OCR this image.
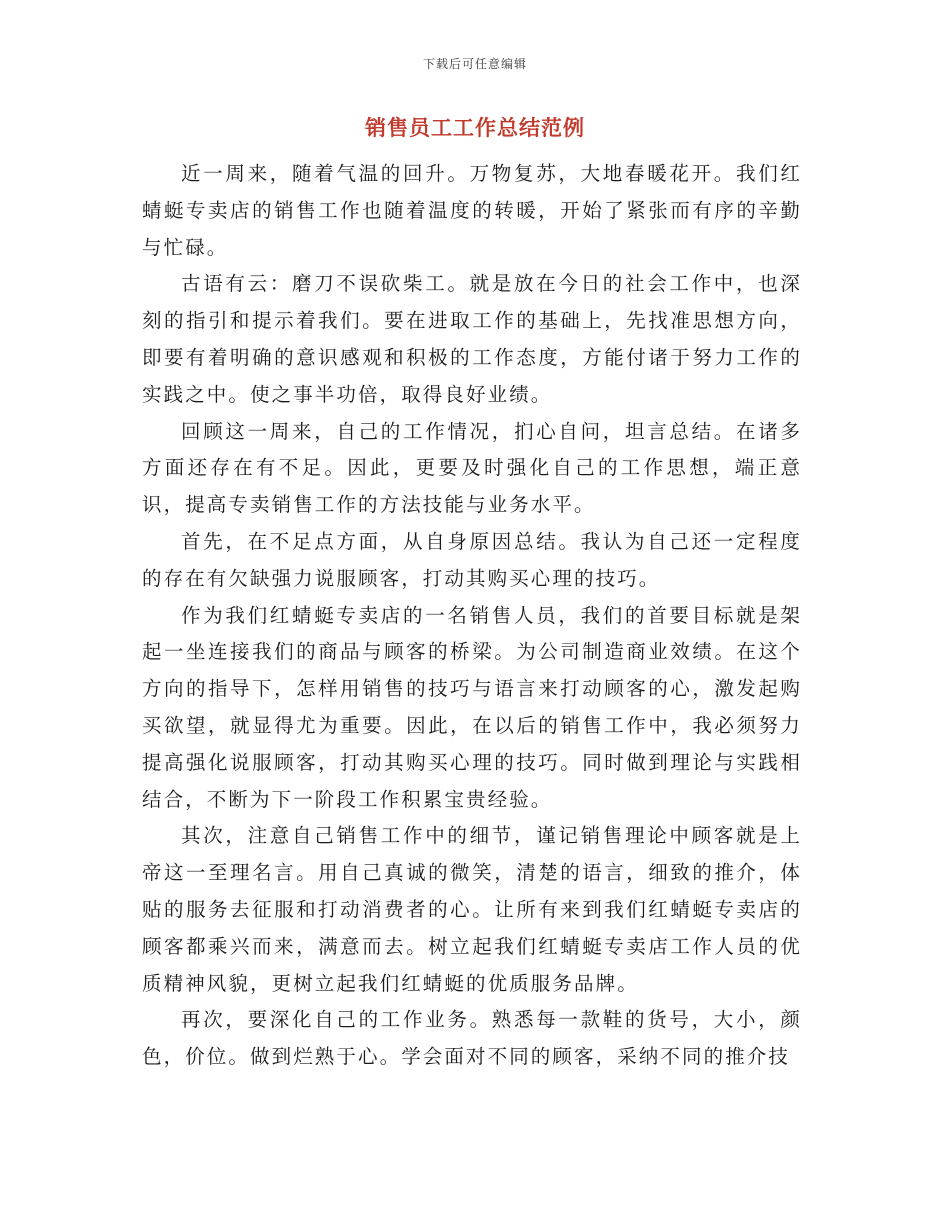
下载后可任意编辑
销售员工工作总结范例

近一周来，随着气温的回升。万物复苏，大地春暖花开。我们红蜻蜓专卖店的销售工作也随着温度的转暖，开始了紧张而有序的辛勤与忙碌。

古语有云：磨刀不误砍柴工。就是放在今日的社会工作中，也深刻的指引和提示着我们。要在进取工作的基础上，先找准思想方向，即要有着明确的意识感观和积极的工作态度，方能付诸于努力工作的实践之中。使之事半功倍，取得良好业绩。

回顾这一周来，自己的工作情况，扪心自问，坦言总结。在诸多方面还存在有不足。因此，更要及时强化自己的工作思想，端正意识，提高专卖销售工作的方法技能与业务水平。

首先，在不足点方面，从自身原因总结。我认为自己还一定程度的存在有欠缺强力说服顾客，打动其购买心理的技巧。

作为我们红蜻蜓专卖店的一名销售人员，我们的首要目标就是架起一坐连接我们的商品与顾客的桥梁。为公司制造商业效绩。在这个方向的指导下，怎样用销售的技巧与语言来打动顾客的心，激发起购买欲望，就显得尤为重要。因此，在以后的销售工作中，我必须努力提高强化说服顾客，打动其购买心理的技巧。同时做到理论与实践相结合，不断为下一阶段工作积累宝贵经验。

其次，注意自己销售工作中的细节，谨记销售理论中顾客就是上帝这一至理名言。用自己真诚的微笑，清楚的语言，细致的推介，体贴的服务去征服和打动消费者的心。让所有来到我们红蜻蜓专卖店的顾客都乘兴而来，满意而去。树立起我们红蜻蜓专卖店工作人员的优质精神风貌，更树立起我们红蜻蜓的优质服务品牌。

再次，要深化自己的工作业务。熟悉每一款鞋的货号，大小，颜色，价位。做到烂熟于心。学会面对不同的顾客，采纳不同的推介技
